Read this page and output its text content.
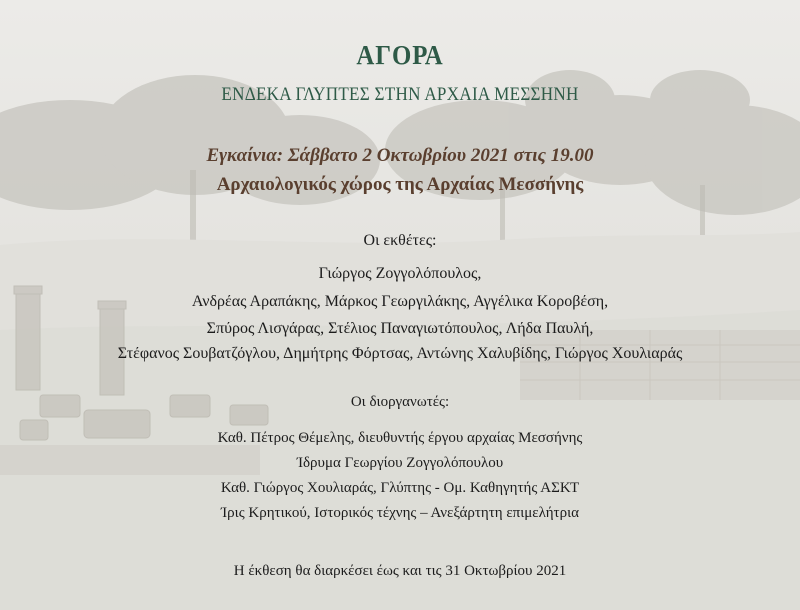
ΑΓΟΡΑ
ΕΝΔΕΚΑ ΓΛΥΠΤΕΣ ΣΤΗΝ ΑΡΧΑΙΑ ΜΕΣΣΗΝΗ
Εγκαίνια: Σάββατο 2 Οκτωβρίου 2021 στις 19.00
Αρχαιολογικός χώρος της Αρχαίας Μεσσήνης
Οι εκθέτες:
Γιώργος Ζογγολόπουλος,
Ανδρέας Αραπάκης, Μάρκος Γεωργιλάκης, Αγγέλικα Κοροβέση,
Σπύρος Λισγάρας, Στέλιος Παναγιωτόπουλος, Λήδα Παυλή,
Στέφανος Σουβατζόγλου, Δημήτρης Φόρτσας, Αντώνης Χαλυβίδης, Γιώργος Χουλιαράς
Οι διοργανωτές:
Καθ. Πέτρος Θέμελης, διευθυντής έργου αρχαίας Μεσσήνης
Ίδρυμα Γεωργίου Ζογγολόπουλου
Καθ. Γιώργος Χουλιαράς, Γλύπτης - Ομ. Καθηγητής ΑΣΚΤ
Ίρις Κρητικού, Ιστορικός τέχνης – Ανεξάρτητη επιμελήτρια
Η έκθεση θα διαρκέσει έως και τις 31 Οκτωβρίου 2021
